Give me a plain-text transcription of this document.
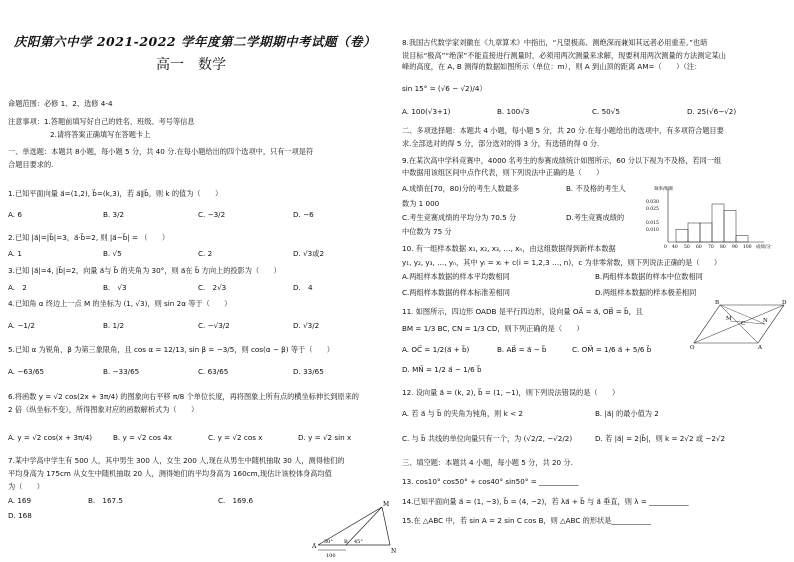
庆阳第六中学 2021-2022 学年度第二学期期中考试题（卷）
高一　数学
命题范围：必修 1、2、选修 4-4
注意事项：1.答题前填写好自己的姓名、班级、考号等信息
2.请将答案正确填写在答题卡上
一、单选题：本题共 8小题，每小题 5 分，共 40 分.在每小题给出的四个选项中，只有一项是符
合题目要求的.
1.已知平面向量 a⃗=(1,2), b⃗=(k,3)，若 a⃗∥b⃗，则 k 的值为（　　）
A. 6	B. 3/2	C. −3/2	D. −6
2.已知 |a⃗|=|b⃗|=3，a⃗·b⃗=2, 则 |a⃗−b⃗| = （　　）
A. 1	B. √5	C. 2	D. √3或2
3.已知 |a⃗|=4, |b⃗|=2，向量 a⃗与 b⃗ 的夹角为 30°，则 a⃗在 b⃗ 方向上的投影为（　　）
A.　2	B.　√3	C.　2√3	D.　4
4.已知角 α 终边上一点 M 的坐标为 (1, √3)，则 sin 2α 等于（　　）
A. −1/2	B. 1/2	C. −√3/2	D. √3/2
5.已知 α 为锐角，β 为第三象限角，且 cos α = 12/13, sin β = −3/5，则 cos(α − β) 等于（　　）
A. −63/65	B. −33/65	C. 63/65	D. 33/65
6.将函数 y = √2 cos(2x + 3π/4) 的图象向右平移 π/8 个单位长度，再将图象上所有点的横坐标伸长到原来的
2 倍（纵坐标不变），所得图象对应的函数解析式为（　　）
A. y = √2 cos(x + 3π/4)	B. y = √2 cos 4x	C. y = √2 cos x	D. y = √2 sin x
7.某中学高中学生有 500 人，其中男生 300 人，女生 200 人,现在从男生中随机抽取 30 人，测得他们的
平均身高为 175cm 从女生中随机抽取 20 人，测得她们的平均身高为 160cm,现估计该校体身高均值
为（　　）
A. 169	B.　167.5	C.　169.6
D. 168
M
A
B
N
30°	45°
100
8.我国古代数学家刘徽在《九章算术》中指出，“凡望极高、测绝深而兼知其远者必用重差。”也暗
说目标“极高”“绝深”不能直接进行测量时，必须用两次测量来求解，现要利用两次测量的方法测定某山
峰的高度，在 A, B 测得的数据如图所示（单位：m），则 A 到山顶的距离 AM=（　　）（注：
sin 15° = (√6 − √2)/4）
A. 100(√3+1)	B. 100√3	C. 50√5	D. 25(√6−√2)
二、多项选择题：本题共 4 小题，每小题 5 分，共 20 分.在每小题给出的选项中，有多项符合题目要
求.全部选对的得 5 分，部分选对的得 3 分，有选错的得 0 分.
9.在某次高中学科竞赛中，4000 名考生的参赛成绩统计如图所示，60 分以下视为不及格，若同一组
中数据用该组区间中点作代表，则下列说法中正确的是（　　）
A.成绩在[70，80)分的考生人数最多	B. 不及格的考生人
数为 1 000
C.考生竞赛成绩的平均分为 70.5 分	D.考生竞赛成绩的
中位数为 75 分
频率/组距
0.030
0.025
0.015
0.010
0 40 50 60 70 80 90 100 成绩/分
10. 有一组样本数据 x₁, x₂, x₃, …, xₙ，由这组数据得到新样本数据
y₁, y₂, y₃, …, yₙ，其中 yᵢ = xᵢ + c(i = 1,2,3 …, n)，c 为非零常数，则下列说法正确的是（　　）
A.两组样本数据的样本平均数相同	B.两组样本数据的样本中位数相同
C.两组样本数据的样本标准差相同	D.两组样本数据的样本极差相同
11. 如图所示，四边形 OADB 是平行四边形，设向量 OA⃗ = a⃗, OB⃗ = b⃗，且
BM = 1/3 BC, CN = 1/3 CD，则下列正确的是（　　）
A. OC⃗ = 1/2(a⃗ + b⃗)	B. AB⃗ = a⃗ − b⃗	C. OM⃗ = 1/6 a⃗ + 5/6 b⃗
D. MN⃗ = 1/2 a⃗ − 1/6 b⃗
B	D
M
C	N
O	A
12. 设向量 a⃗ = (k, 2), b⃗ = (1, −1)，则下列说法错误的是（　　）
A. 若 a⃗ 与 b⃗ 的夹角为钝角，则 k < 2	B. |a⃗| 的最小值为 2
C. 与 b⃗ 共线的单位向量只有一个，为 (√2/2, −√2/2)	D. 若 |a⃗| = 2|b⃗|，则 k = 2√2 或 −2√2
三、填空题：本题共 4 小题，每小题 5 分，共 20 分.
13. cos10° cos50° + cos40° sin50° = ___________
14.已知平面向量 a⃗ = (1, −3), b⃗ = (4, −2)，若 λa⃗ + b⃗ 与 a⃗ 垂直，则 λ = ___________
15.在 △ABC 中，若 sin A = 2 sin C cos B，则 △ABC 的形状是___________
